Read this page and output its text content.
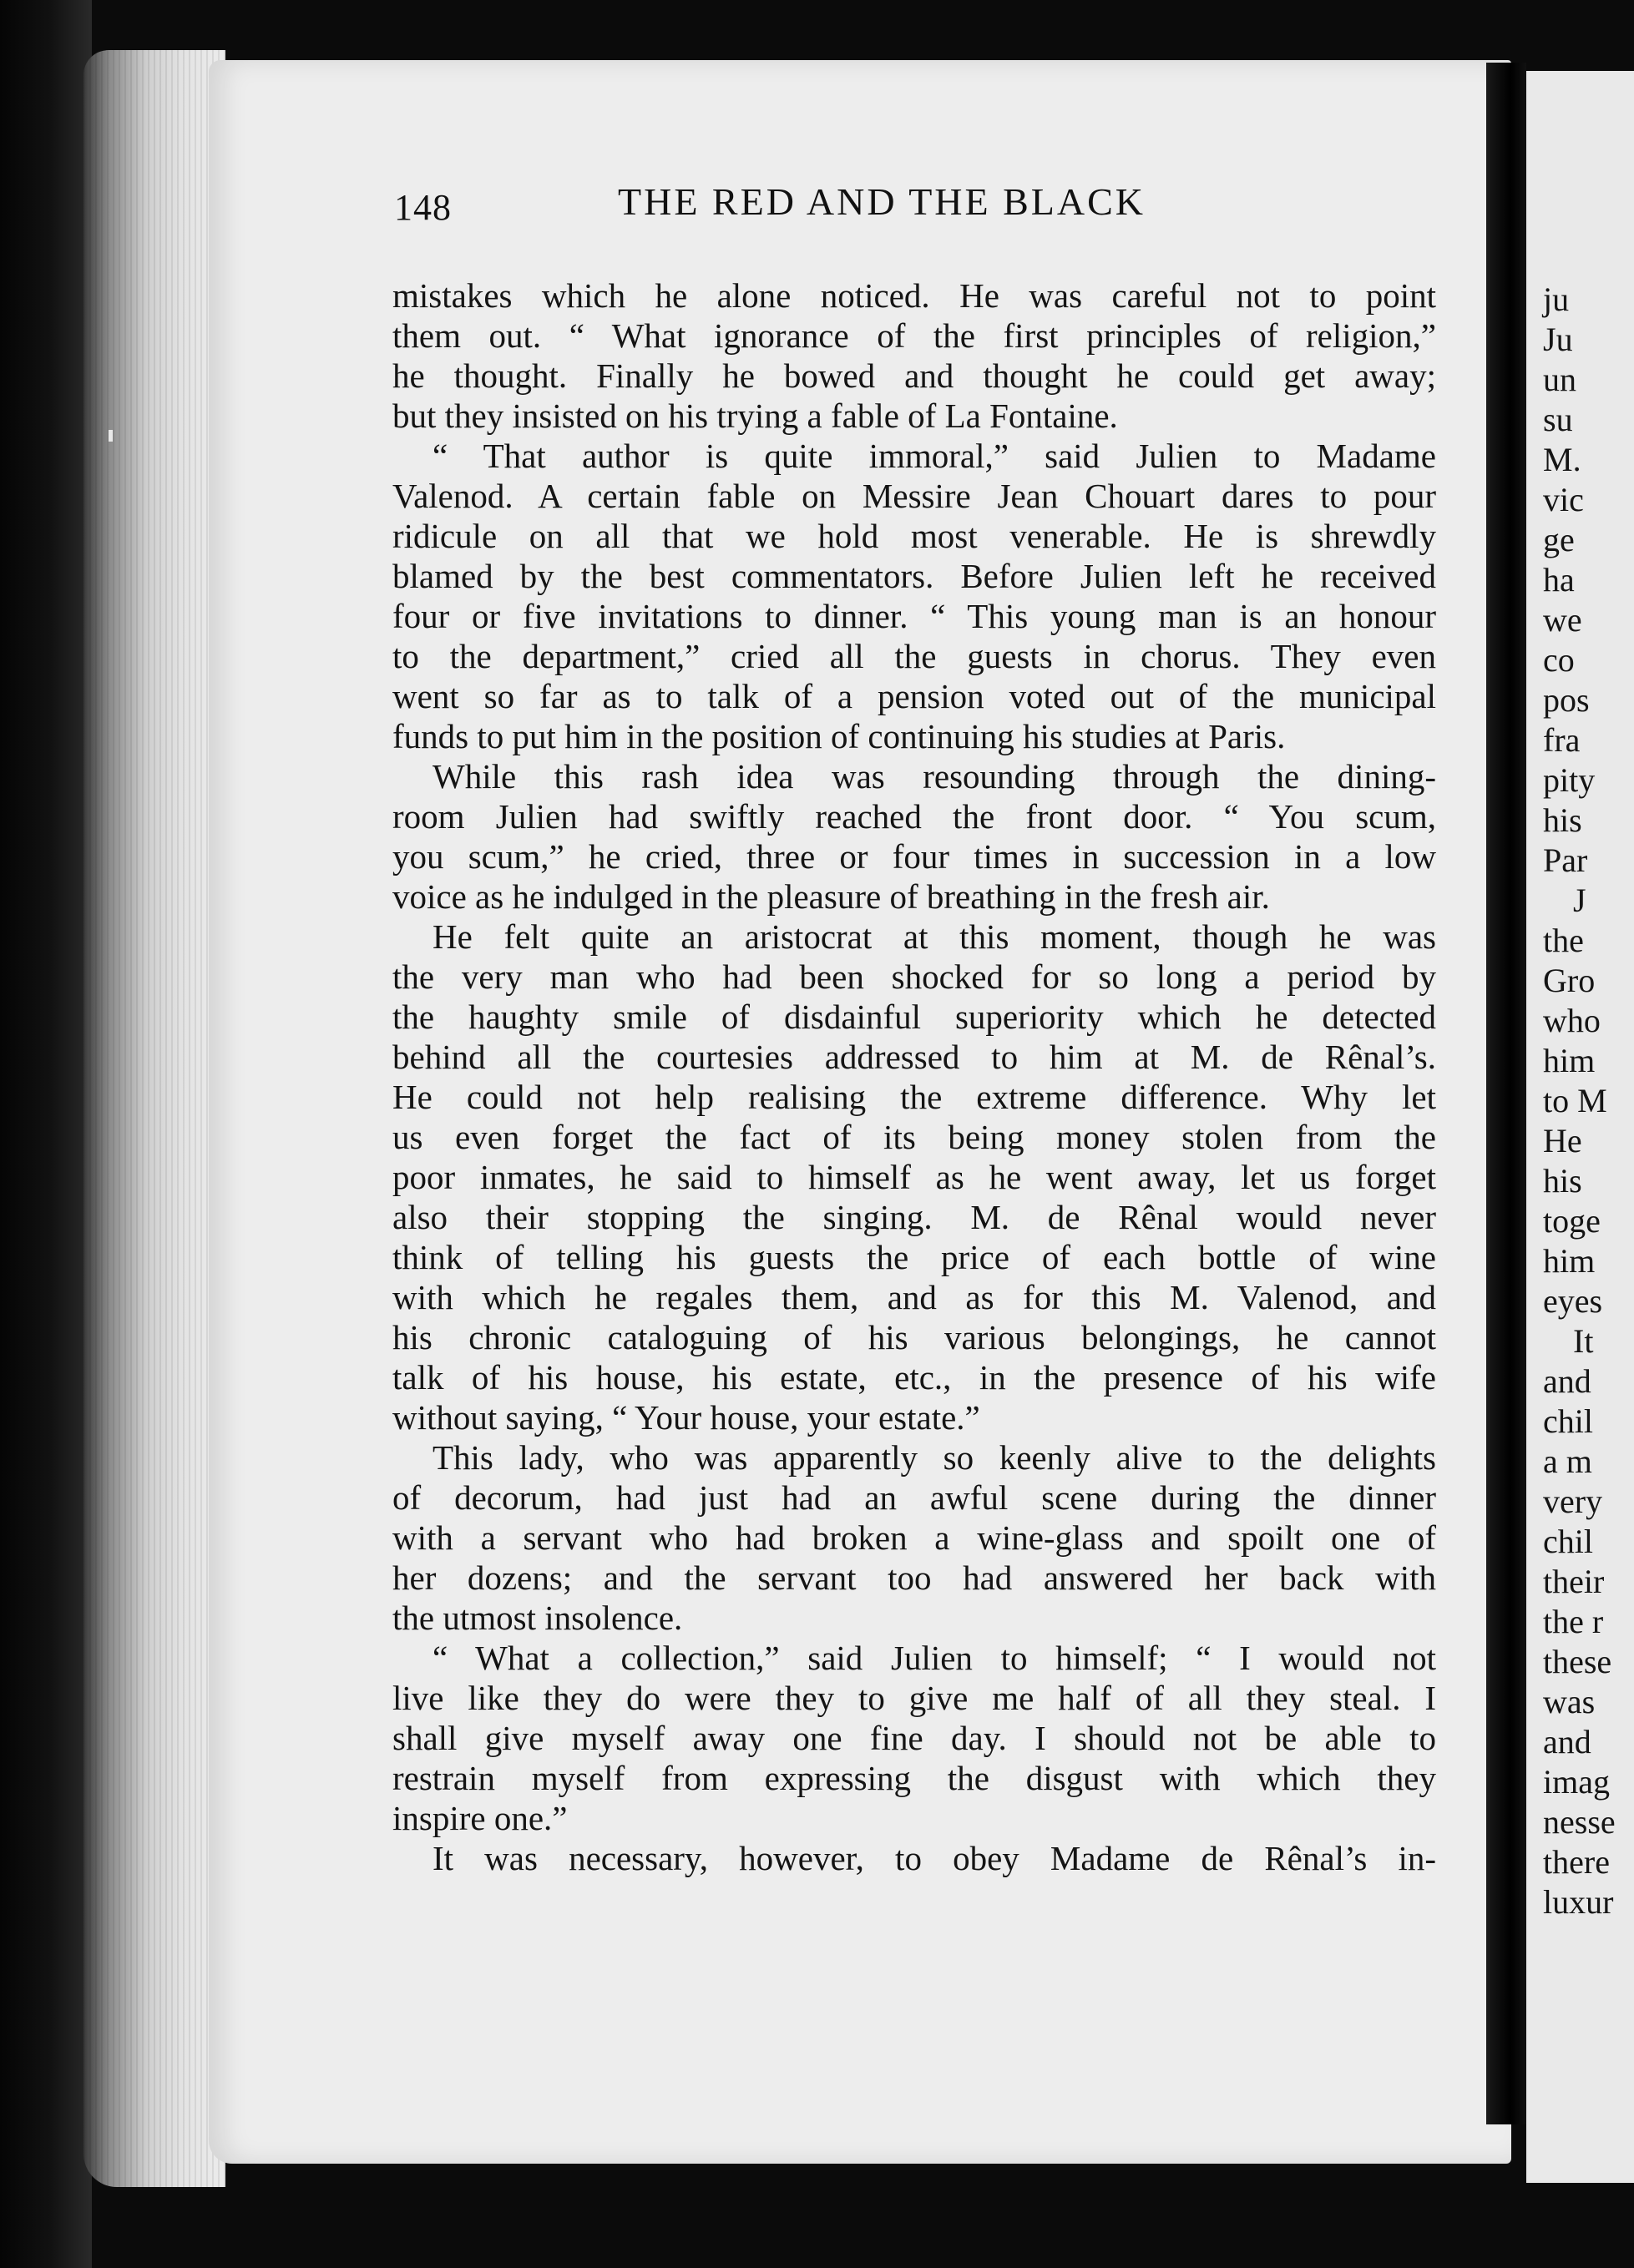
148	THE RED AND THE BLACK
mistakes which he alone noticed. He was careful not to point
them out. “ What ignorance of the first principles of religion,”
he thought. Finally he bowed and thought he could get away;
but they insisted on his trying a fable of La Fontaine.
“ That author is quite immoral,” said Julien to Madame
Valenod. A certain fable on Messire Jean Chouart dares to pour
ridicule on all that we hold most venerable. He is shrewdly
blamed by the best commentators. Before Julien left he received
four or five invitations to dinner. “ This young man is an honour
to the department,” cried all the guests in chorus. They even
went so far as to talk of a pension voted out of the municipal
funds to put him in the position of continuing his studies at Paris.
While this rash idea was resounding through the dining-
room Julien had swiftly reached the front door. “ You scum,
you scum,” he cried, three or four times in succession in a low
voice as he indulged in the pleasure of breathing in the fresh air.
He felt quite an aristocrat at this moment, though he was
the very man who had been shocked for so long a period by
the haughty smile of disdainful superiority which he detected
behind all the courtesies addressed to him at M. de Rênal’s.
He could not help realising the extreme difference. Why let
us even forget the fact of its being money stolen from the
poor inmates, he said to himself as he went away, let us forget
also their stopping the singing. M. de Rênal would never
think of telling his guests the price of each bottle of wine
with which he regales them, and as for this M. Valenod, and
his chronic cataloguing of his various belongings, he cannot
talk of his house, his estate, etc., in the presence of his wife
without saying, “ Your house, your estate.”
This lady, who was apparently so keenly alive to the delights
of decorum, had just had an awful scene during the dinner
with a servant who had broken a wine-glass and spoilt one of
her dozens; and the servant too had answered her back with
the utmost insolence.
“ What a collection,” said Julien to himself; “ I would not
live like they do were they to give me half of all they steal. I
shall give myself away one fine day. I should not be able to
restrain myself from expressing the disgust with which they
inspire one.”
It was necessary, however, to obey Madame de Rênal’s in-
ju
Ju
un
su
M.
vic
ge
ha
we
co
pos
fra
pity
his
Par
J
the
Gro
who
him
to M
He
his
toge
him
eyes
It
and
chil
a m
very
chil
their
the r
these
was
and
imag
nesse
there
luxur
